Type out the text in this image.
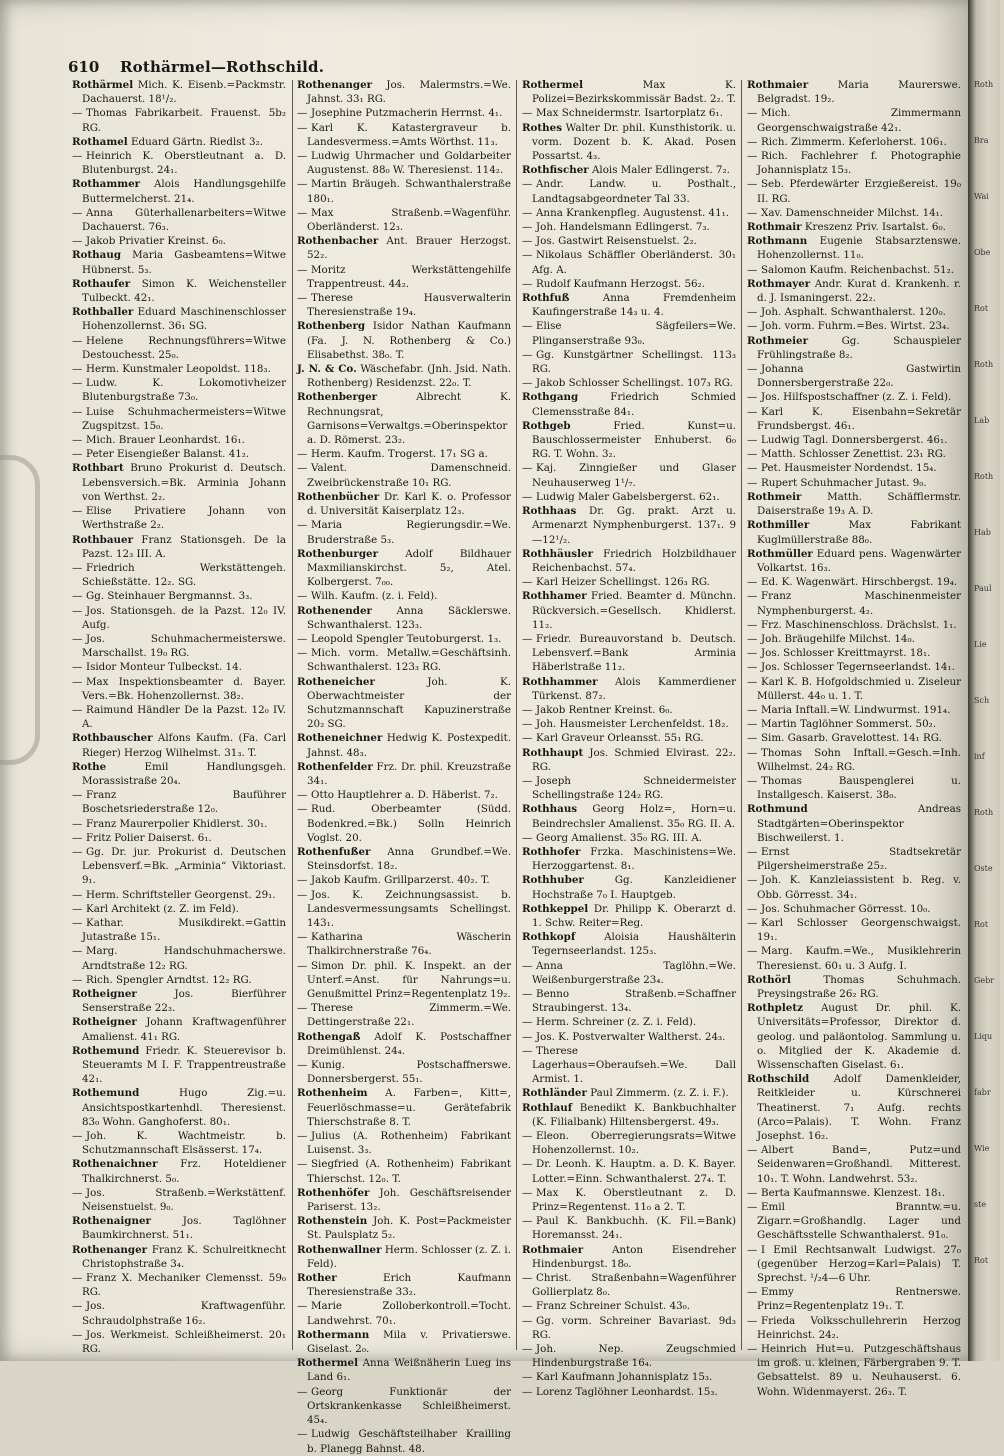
610 Rothärmel—Rothschild.

Rothärmel Mich. K. Eisenb.=Packmstr. Dachauerst. 18¹/₂.

— Thomas Fabrikarbeit. Frauenst. 5b₂ RG.

Rothamel Eduard Gärtn. Riedlst 3₂.

— Heinrich K. Oberstleutnant a. D. Blutenburgst. 24₁.

Rothammer Alois Handlungsgehilfe Buttermelcherst. 21₄.

— Anna Güterhallenarbeiters=Witwe Dachauerst. 76₃.

— Jakob Privatier Kreinst. 6₀.

Rothaug Maria Gasbeamtens=Witwe Hübnerst. 5₃.

Rothaufer Simon K. Weichensteller Tulbeckt. 42₁.

Rothballer Eduard Maschinenschlosser Hohenzollernst. 36₁ SG.

— Helene Rechnungsführers=Witwe Destouchesst. 25₀.

— Herm. Kunstmaler Leopoldst. 118₃.

— Ludw. K. Lokomotivheizer Blutenburgstraße 73₀.

— Luise Schuhmachermeisters=Witwe Zugspitzst. 15₀.

— Mich. Brauer Leonhardst. 16₁.

— Peter Eisengießer Balanst. 41₂.

Rothbart Bruno Prokurist d. Deutsch. Lebensversich.=Bk. Arminia Johann von Werthst. 2₂.

— Elise Privatiere Johann von Werthstraße 2₂.

Rothbauer Franz Stationsgeh. De la Pazst. 12₃ III. A.

— Friedrich Werkstättengeh. Schießstätte. 12₂. SG.

— Gg. Steinhauer Bergmannst. 3₃.

— Jos. Stationsgeh. de la Pazst. 12₀ IV. Aufg.

— Jos. Schuhmachermeisterswe. Marschallst. 19₀ RG.

— Isidor Monteur Tulbeckst. 14.

— Max Inspektionsbeamter d. Bayer. Vers.=Bk. Hohenzollernst. 38₂.

— Raimund Händler De la Pazst. 12₀ IV. A.

Rothbauscher Alfons Kaufm. (Fa. Carl Rieger) Herzog Wilhelmst. 31₃. T.

Rothe	Emil Handlungsgeh. Morassistraße 20₄.

— Franz Bauführer Boschetsriederstraße 12₀.

— Franz Maurerpolier Khidlerst. 30₁.

— Fritz Polier Daiserst. 6₁.

— Gg. Dr. jur. Prokurist d. Deutschen Lebensverf.=Bk. „Arminia“ Viktoriast. 9₁.

— Herm. Schriftsteller Georgenst. 29₁.

— Karl Architekt (z. Z. im Feld).

— Kathar. Musikdirekt.=Gattin Jutastraße 15₁.

— Marg. Handschuhmacherswe. Arndtstraße 12₂ RG.

— Rich. Spengler Arndtst. 12₂ RG.

Rotheigner	Jos. Bierführer Senserstraße 22₃.

Rotheigner Johann Kraftwagenführer Amalienst. 41₁ RG.

Rothemund Friedr. K. Steuerevisor b. Steueramts M I. F. Trappentreustraße 42₁.

Rothemund	Hugo Zig.=u. Ansichtspostkartenhdl. Theresienst. 83₀ Wohn. Ganghoferst. 80₁.

— Joh. K. Wachtmeistr. b. Schutzmannschaft Elsässerst. 17₄.

Rothenaichner Frz. Hoteldiener Thalkirchnerst. 5₀.

— Jos. Straßenb.=Werkstättenf. Neisenstuelst. 9₀.

Rothenaigner	Jos. Taglöhner Baumkirchnerst. 51₁.

Rothenanger Franz K. Schulreitknecht Christophstraße 3₄.

— Franz X. Mechaniker Clemensst. 59₀ RG.

— Jos. Kraftwagenführ. Schraudolphstraße 16₂.

— Jos. Werkmeist. Schleißheimerst. 20₁ RG.

Rothenanger Jos. Malermstrs.=We. Jahnst. 33₁ RG.

— Josephine Putzmacherin Herrnst. 4₁.

— Karl K. Katastergraveur b. Landesvermess.=Amts Wörthst. 11₃.

— Ludwig Uhrmacher und Goldarbeiter Augustenst. 88₀ W. Theresienst. 114₂.

— Martin Bräugeh. Schwanthalerstraße 180₁.

— Max Straßenb.=Wagenführ. Oberländerst. 12₃.

Rothenbacher Ant. Brauer Herzogst. 52₂.

— Moritz Werkstättengehilfe Trappentreust. 44₂.

— Therese Hausverwalterin Theresienstraße 19₄.

Rothenberg Isidor Nathan Kaufmann (Fa. J. N. Rothenberg & Co.) Elisabethst. 38₀. T.

J. N. & Co. Wäschefabr. (Jnh. Jsid. Nath. Rothenberg) Residenzst. 22₀. T.

Rothenberger	Albrecht K. Rechnungsrat, Garnisons=Verwaltgs.=Oberinspektor a. D. Römerst. 23₂.

— Herm. Kaufm. Trogerst. 17₁ SG a.

— Valent. Damenschneid. Zweibrückenstraße 10₁ RG.

Rothenbücher Dr. Karl K. o. Professor d. Universität Kaiserplatz 12₃.

— Maria Regierungsdir.=We. Bruderstraße 5₃.

Rothenburger	Adolf Bildhauer Maxmilianskirchst. 5₂, Atel. Kolbergerst. 7₀₀.

— Wilh. Kaufm. (z. i. Feld).

Rothenender Anna Säcklerswe. Schwanthalerst. 123₃.

— Leopold Spengler Teutoburgerst. 1₃.

— Mich. vorm. Metallw.=Geschäftsinh. Schwanthalerst. 123₃ RG.

Rotheneicher	Joh. K. Oberwachtmeister der Schutzmannschaft Kapuzinerstraße 20₂ SG.

Rotheneichner Hedwig K. Postexpedit. Jahnst. 48₃.

Rothenfelder Frz. Dr. phil. Kreuzstraße 34₁.

— Otto Hauptlehrer a. D. Häberlst. 7₂.

— Rud. Oberbeamter (Südd. Bodenkred.=Bk.) Solln Heinrich Voglst. 20.

Rothenfußer Anna Grundbef.=We. Steinsdorfst. 18₂.

— Jakob Kaufm. Grillparzerst. 40₂. T.

— Jos. K. Zeichnungsassist. b. Landesvermessungsamts Schellingst. 143₁.

— Katharina Wäscherin Thalkirchnerstraße 76₄.

— Simon Dr. phil. K. Inspekt. an der Unterf.=Anst. für Nahrungs=u. Genußmittel Prinz=Regentenplatz 19₂.

— Therese Zimmerm.=We. Dettingerstraße 22₁.

Rothengaß Adolf K. Postschaffner Dreimühlenst. 24₄.

— Kunig. Postschaffnerswe. Donnersbergerst. 55₁.

Rothenheim A. Farben=, Kitt=, Feuerlöschmasse=u. Gerätefabrik Thierschstraße 8. T.

— Julius (A. Rothenheim) Fabrikant Luisenst. 3₃.

— Siegfried (A. Rothenheim) Fabrikant Thierschst. 12₀. T.

Rothenhöfer Joh. Geschäftsreisender Pariserst. 13₂.

Rothenstein Joh. K. Post=Packmeister St. Paulsplatz 5₂.

Rothenwallner Herm. Schlosser (z. Z. i. Feld).

Rother	Erich Kaufmann Theresienstraße 33₂.

— Marie Zolloberkontroll.=Tocht. Landwehrst. 70₁.

Rothermann Mila v. Privatierswe. Giselast. 2₀.

Rothermel Anna Weißnäherin Lueg ins Land 6₁.

— Georg Funktionär der Ortskrankenkasse Schleißheimerst. 45₄.

— Ludwig Geschäftsteilhaber Krailling b. Planegg Bahnst. 48.

Rothermel	Max K. Polizei=Bezirkskommissär Badst. 2₂. T.

— Max Schneidermstr. Isartorplatz 6₁.

Rothes Walter Dr. phil. Kunsthistorik. u. vorm. Dozent b. K. Akad. Posen Possartst. 4₃.

Rothfischer Alois Maler Edlingerst. 7₂.

— Andr. Landw. u. Posthalt., Landtagsabgeordneter Tal 33.

— Anna Krankenpfleg. Augustenst. 41₁.

— Joh. Handelsmann Edlingerst. 7₃.

— Jos. Gastwirt Reisenstuelst. 2₂.

— Nikolaus Schäffler Oberländerst. 30₁ Afg. A.

— Rudolf Kaufmann Herzogst. 56₂.

Rothfuß	Anna Fremdenheim Kaufingerstraße 14₃ u. 4.

— Elise Sägfeilers=We. Plinganserstraße 93₀.

— Gg. Kunstgärtner Schellingst. 113₃ RG.

— Jakob Schlosser Schellingst. 107₃ RG.

Rothgang	Friedrich Schmied Clemensstraße 84₁.

Rothgeb	Fried. Kunst=u. Bauschlossermeister Enhuberst. 6₀ RG. T. Wohn. 3₂.

— Kaj. Zinngießer und Glaser Neuhauserweg 1¹/₇.

— Ludwig Maler Gabelsbergerst. 62₁.

Rothhaas Dr. Gg. prakt. Arzt u. Armenarzt Nymphenburgerst. 137₁. 9—12¹/₂.

Rothhäusler Friedrich Holzbildhauer Reichenbachst. 57₄.

— Karl Heizer Schellingst. 126₃ RG.

Rothhamer Fried. Beamter d. Münchn. Rückversich.=Gesellsch. Khidlerst. 11₂.

— Friedr. Bureauvorstand b. Deutsch. Lebensverf.=Bank Arminia Häberlstraße 11₂.

Rothhammer Alois Kammerdiener Türkenst. 87₂.

— Jakob Rentner Kreinst. 6₀.

— Joh. Hausmeister Lerchenfeldst. 18₂.

— Karl Graveur Orleansst. 55₁ RG.

Rothhaupt Jos. Schmied Elvirast. 22₂. RG.

— Joseph Schneidermeister Schellingstraße 124₂ RG.

Rothhaus Georg Holz=, Horn=u. Beindrechsler Amalienst. 35₀ RG. II. A.

— Georg Amalienst. 35₀ RG. III. A.

Rothhofer Frzka. Maschinistens=We. Herzoggartenst. 8₁.

Rothhuber	Gg. Kanzleidiener Hochstraße 7₀ I. Hauptgeb.

Rothkeppel Dr. Philipp K. Oberarzt d. 1. Schw. Reiter=Reg.

Rothkopf	Aloisia Haushälterin Tegernseerlandst. 125₃.

— Anna Taglöhn.=We. Weißenburgerstraße 23₄.

— Benno Straßenb.=Schaffner Straubingerst. 13₄.

— Herm. Schreiner (z. Z. i. Feld).

— Jos. K. Postverwalter Waltherst. 24₃.

— Therese Lagerhaus=Oberaufseh.=We. Dall Armist. 1.

Rothländer Paul Zimmerm. (z. Z. i. F.).

Rothlauf Benedikt K. Bankbuchhalter (K. Filialbank) Hiltensbergerst. 49₃.

— Eleon. Oberregierungsrats=Witwe Hohenzollernst. 10₂.

— Dr. Leonh. K. Hauptm. a. D. K. Bayer. Lotter.=Einn. Schwanthalerst. 27₄. T.

— Max K. Oberstleutnant z. D. Prinz=Regentenst. 11₀ a 2. T.

— Paul K. Bankbuchh. (K. Fil.=Bank) Horemansst. 24₁.

Rothmaier	Anton Eisendreher Hindenburgst. 18₀.

— Christ. Straßenbahn=Wagenführer Gollierplatz 8₀.

— Franz Schreiner Schulst. 43₀.

— Gg. vorm. Schreiner Bavariast. 9d₃ RG.

— Joh. Nep. Zeugschmied Hindenburgstraße 16₄.

— Karl Kaufmann Johannisplatz 15₃.

— Lorenz Taglöhner Leonhardst. 15₃.

Rothmaier	Maria Maurerswe. Belgradst. 19₂.

— Mich. Zimmermann Georgenschwaigstraße 42₁.

— Rich. Zimmerm. Keferloherst. 106₁.

— Rich. Fachlehrer f. Photographie Johannisplatz 15₃.

— Seb. Pferdewärter Erzgießereist. 19₀ II. RG.

— Xav. Damenschneider Milchst. 14₁.

Rothmair Kreszenz Priv. Isartalst. 6₀.

Rothmann Eugenie Stabsarztenswe. Hohenzollernst. 11₀.

— Salomon Kaufm. Reichenbachst. 51₂.

Rothmayer Andr. Kurat d. Krankenh. r. d. J. Ismaningerst. 22₂.

— Joh. Asphalt. Schwanthalerst. 120₀.

— Joh. vorm. Fuhrm.=Bes. Wirtst. 23₄.

Rothmeier	Gg. Schauspieler Frühlingstraße 8₂.

— Johanna Gastwirtin Donnersbergerstraße 22₀.

— Jos. Hilfspostschaffner (z. Z. i. Feld).

— Karl K. Eisenbahn=Sekretär Frundsbergst. 46₁.

— Ludwig Tagl. Donnersbergerst. 46₁.

— Matth. Schlosser Zenettist. 23₁ RG.

— Pet. Hausmeister Nordendst. 15₄.

— Rupert Schuhmacher Jutast. 9₀.

Rothmeir Matth. Schäfflermstr. Daiserstraße 19₃ A. D.

Rothmiller	Max Fabrikant Kuglmüllerstraße 88₀.

Rothmüller Eduard pens. Wagenwärter Volkartst. 16₃.

— Ed. K. Wagenwärt. Hirschbergst. 19₄.

— Franz Maschinenmeister Nymphenburgerst. 4₂.

— Frz. Maschinenschloss. Drächslst. 1₁.

— Joh. Bräugehilfe Milchst. 14₀.

— Jos. Schlosser Kreittmayrst. 18₁.

— Jos. Schlosser Tegernseerlandst. 14₁.

— Karl K. B. Hofgoldschmied u. Ziseleur Müllerst. 44₀ u. 1. T.

— Maria Inftall.=W. Lindwurmst. 191₄.

— Martin Taglöhner Sommerst. 50₂.

— Sim. Gasarb. Gravelottest. 14₁ RG.

— Thomas Sohn Inftall.=Gesch.=Inh. Wilhelmst. 24₂ RG.

— Thomas Bauspenglerei u. Installgesch. Kaiserst. 38₀.

Rothmund	Andreas Stadtgärten=Oberinspektor Bischweilerst. 1.

— Ernst Stadtsekretär Pilgersheimerstraße 25₂.

— Joh. K. Kanzleiassistent b. Reg. v. Obb. Görresst. 34₁.

— Jos. Schuhmacher Görresst. 10₀.

— Karl Schlosser Georgenschwaigst. 19₁.

— Marg. Kaufm.=We., Musiklehrerin Theresienst. 60₁ u. 3 Aufg. I.

Rothörl	Thomas Schuhmach. Preysingstraße 26₂ RG.

Rothpletz August Dr. phil. K. Universitäts=Professor, Direktor d. geolog. und paläontolog. Sammlung u. o. Mitglied der K. Akademie d. Wissenschaften Giselast. 6₁.

Rothschild Adolf Damenkleider, Reitkleider u. Kürschnerei Theatinerst. 7₁ Aufg. rechts (Arco=Palais). T. Wohn. Franz Josephst. 16₂.

— Albert Band=, Putz=und Seidenwaren=Großhandl. Mitterest. 10₁. T. Wohn. Landwehrst. 53₂.

— Berta Kaufmannswe. Klenzest. 18₁.

— Emil Branntw.=u. Zigarr.=Großhandlg. Lager und Geschäftsstelle Schwanthalerst. 91₀.

— I Emil Rechtsanwalt Ludwigst. 27₀ (gegenüber Herzog=Karl=Palais) T. Sprechst. ¹/₂4—6 Uhr.

— Emmy Rentnerswe. Prinz=Regentenplatz 19₁. T.

— Frieda Volksschullehrerin Herzog Heinrichst. 24₂.

— Heinrich Hut=u. Putzgeschäftshaus im groß. u. kleinen, Färbergraben 9. T. Gebsattelst. 89 u. Neuhauserst. 6. Wohn. Widenmayerst. 26₃. T.

Roth
Bra
Wai
Obe
Rot
Roth
Lab
Roth
Hab
Paul
Lie
Sch
inf
Roth
Oste
Rot
Gebr
Liqu
fabr
Wie
ste
Rot
